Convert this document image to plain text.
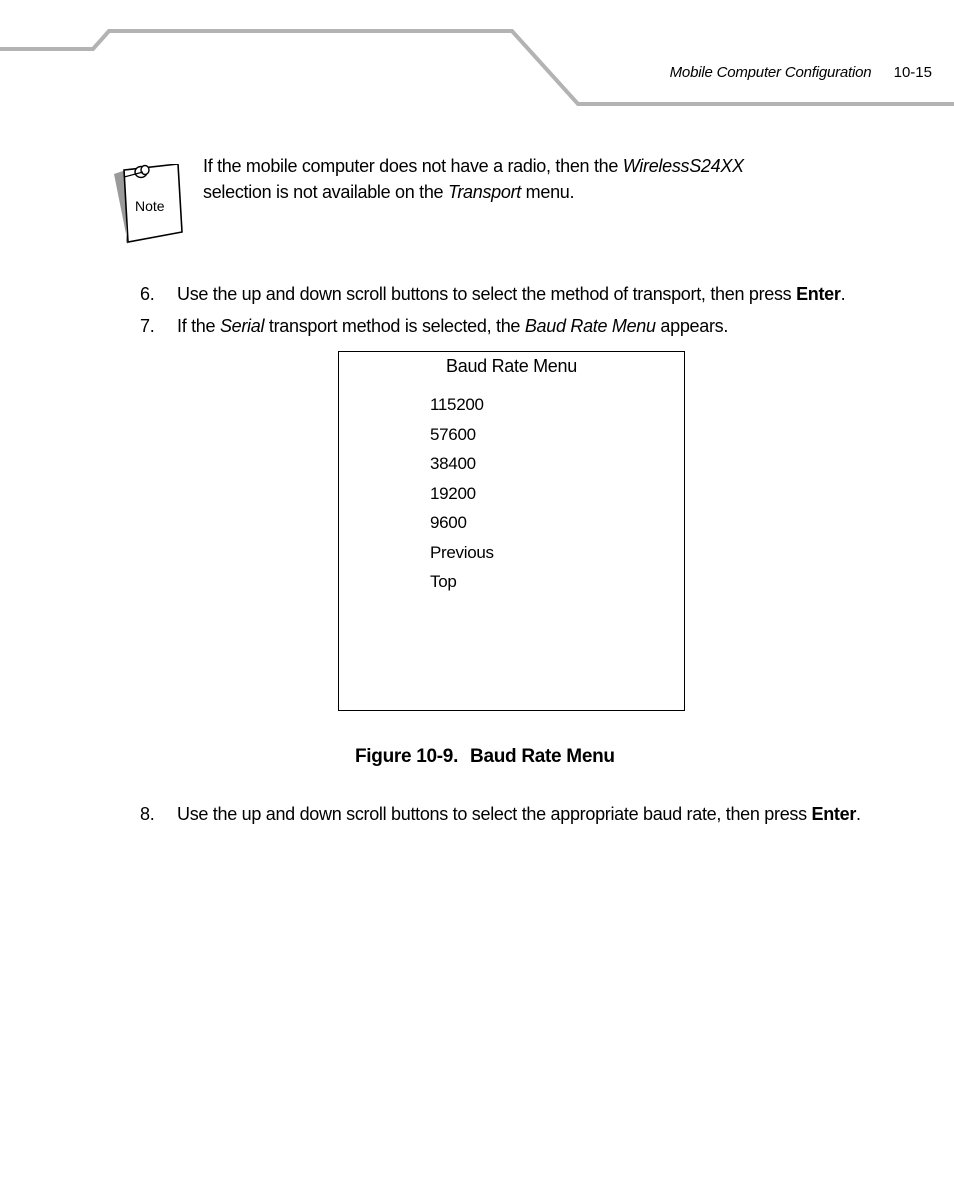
Mobile Computer Configuration 10-15
Note
If the mobile computer does not have a radio, then the WirelessS24XX
selection is not available on the Transport menu.
6. Use the up and down scroll buttons to select the method of transport, then press Enter.
7. If the Serial transport method is selected, the Baud Rate Menu appears.
Baud Rate Menu
115200
57600
38400
19200
9600
Previous
Top
Figure 10-9. Baud Rate Menu
8. Use the up and down scroll buttons to select the appropriate baud rate, then press Enter.
